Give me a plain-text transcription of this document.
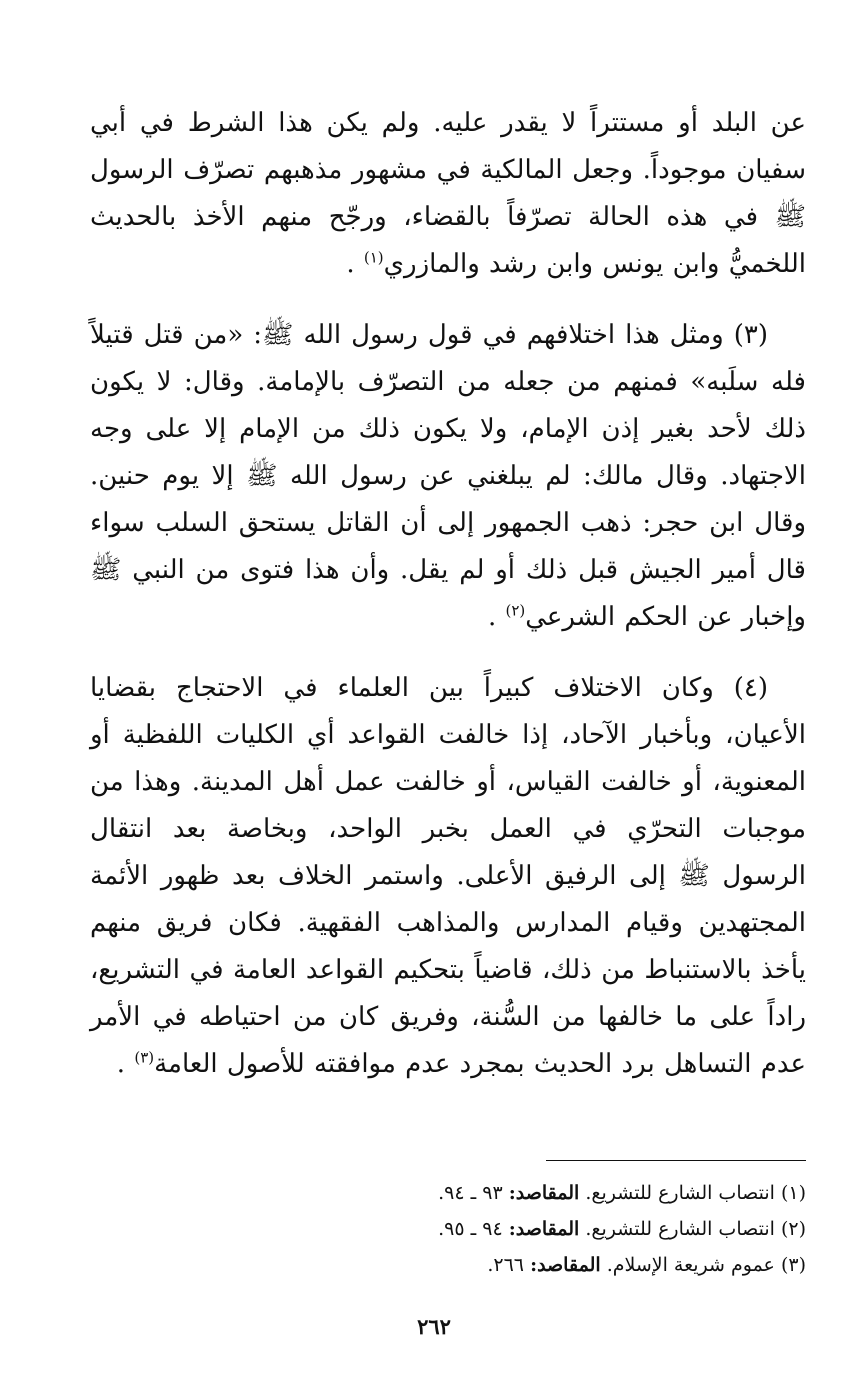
عن البلد أو مستتراً لا يقدر عليه. ولم يكن هذا الشرط في أبي سفيان موجوداً. وجعل المالكية في مشهور مذهبهم تصرّف الرسول ﷺ في هذه الحالة تصرّفاً بالقضاء، ورجّح منهم الأخذ بالحديث اللخميُّ وابن يونس وابن رشد والمازري$^{(١)}$ .

(٣) ومثل هذا اختلافهم في قول رسول الله ﷺ: «من قتل قتيلاً فله سلَبه» فمنهم من جعله من التصرّف بالإمامة. وقال: لا يكون ذلك لأحد بغير إذن الإمام، ولا يكون ذلك من الإمام إلا على وجه الاجتهاد. وقال مالك: لم يبلغني عن رسول الله ﷺ إلا يوم حنين. وقال ابن حجر: ذهب الجمهور إلى أن القاتل يستحق السلب سواء قال أمير الجيش قبل ذلك أو لم يقل. وأن هذا فتوى من النبي ﷺ وإخبار عن الحكم الشرعي$^{(٢)}$ .

(٤) وكان الاختلاف كبيراً بين العلماء في الاحتجاج بقضايا الأعيان، وبأخبار الآحاد، إذا خالفت القواعد أي الكليات اللفظية أو المعنوية، أو خالفت القياس، أو خالفت عمل أهل المدينة. وهذا من موجبات التحرّي في العمل بخبر الواحد، وبخاصة بعد انتقال الرسول ﷺ إلى الرفيق الأعلى. واستمر الخلاف بعد ظهور الأئمة المجتهدين وقيام المدارس والمذاهب الفقهية. فكان فريق منهم يأخذ بالاستنباط من ذلك، قاضياً بتحكيم القواعد العامة في التشريع، راداً على ما خالفها من السُّنة، وفريق كان من احتياطه في الأمر عدم التساهل برد الحديث بمجرد عدم موافقته للأصول العامة$^{(٣)}$ .

(١) انتصاب الشارع للتشريع. المقاصد: ٩٣ ـ ٩٤.
(٢) انتصاب الشارع للتشريع. المقاصد: ٩٤ ـ ٩٥.
(٣) عموم شريعة الإسلام. المقاصد: ٢٦٦.
٢٦٢
